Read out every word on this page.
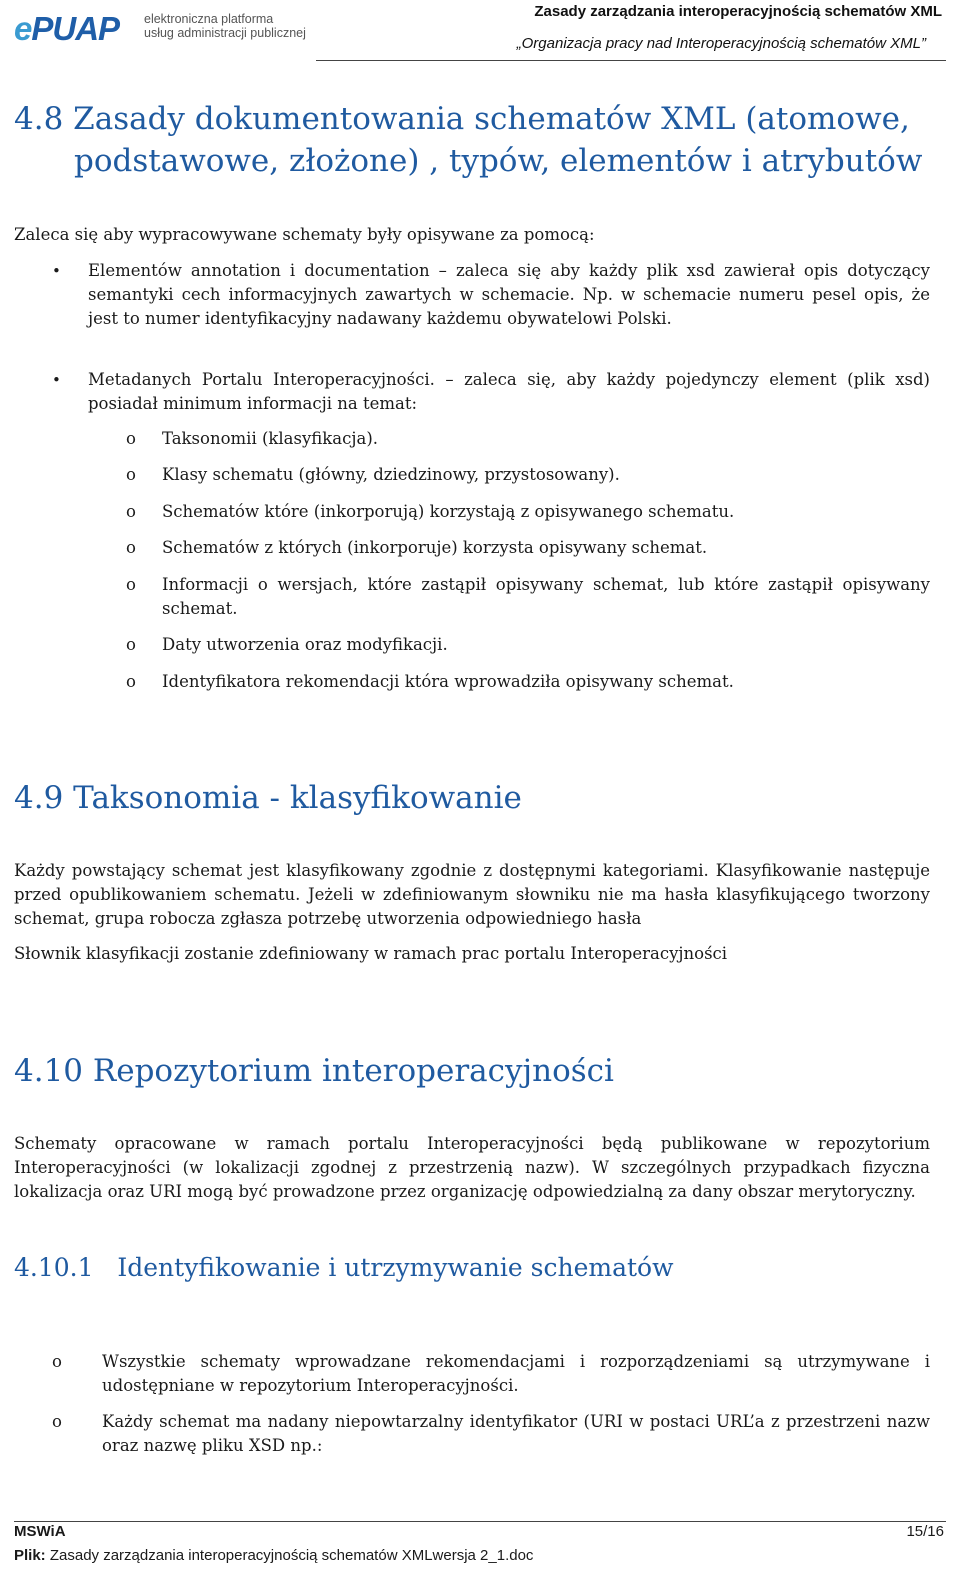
ePUAP elektroniczna platforma
usług administracji publicznej
Zasady zarządzania interoperacyjnością schematów XML
„Organizacja pracy nad Interoperacyjnością schematów XML”
4.8 Zasady dokumentowania schematów XML (atomowe,
podstawowe, złożone) , typów, elementów i atrybutów

Zaleca się aby wypracowywane schematy były opisywane za pomocą:

• Elementów annotation i documentation – zaleca się aby każdy plik xsd zawierał opis dotyczący semantyki cech informacyjnych zawartych w schemacie. Np. w schemacie numeru pesel opis, że jest to numer identyfikacyjny nadawany każdemu obywatelowi Polski.

• Metadanych Portalu Interoperacyjności. – zaleca się, aby każdy pojedynczy element (plik xsd) posiadał minimum informacji na temat:

o Taksonomii (klasyfikacja).

o Klasy schematu (główny, dziedzinowy, przystosowany).

o Schematów które (inkorporują) korzystają z opisywanego schematu.

o Schematów z których (inkorporuje) korzysta opisywany schemat.

o Informacji o wersjach, które zastąpił opisywany schemat, lub które zastąpił opisywany schemat.

o Daty utworzenia oraz modyfikacji.

o Identyfikatora rekomendacji która wprowadziła opisywany schemat.

4.9 Taksonomia - klasyfikowanie

Każdy powstający schemat jest klasyfikowany zgodnie z dostępnymi kategoriami. Klasyfikowanie następuje przed opublikowaniem schematu. Jeżeli w zdefiniowanym słowniku nie ma hasła klasyfikującego tworzony schemat, grupa robocza zgłasza potrzebę utworzenia odpowiedniego hasła

Słownik klasyfikacji zostanie zdefiniowany w ramach prac portalu Interoperacyjności

4.10 Repozytorium interoperacyjności

Schematy opracowane w ramach portalu Interoperacyjności będą publikowane w repozytorium Interoperacyjności (w lokalizacji zgodnej z przestrzenią nazw). W szczególnych przypadkach fizyczna lokalizacja oraz URI mogą być prowadzone przez organizację odpowiedzialną za dany obszar merytoryczny.

4.10.1 Identyfikowanie i utrzymywanie schematów
o Wszystkie schematy wprowadzane rekomendacjami i rozporządzeniami są utrzymywane i udostępniane w repozytorium Interoperacyjności.

o Każdy schemat ma nadany niepowtarzalny identyfikator (URI w postaci URL’a z przestrzeni nazw oraz nazwę pliku XSD np.:

MSWiA	15/16
Plik: Zasady zarządzania interoperacyjnością schematów XMLwersja 2_1.doc
